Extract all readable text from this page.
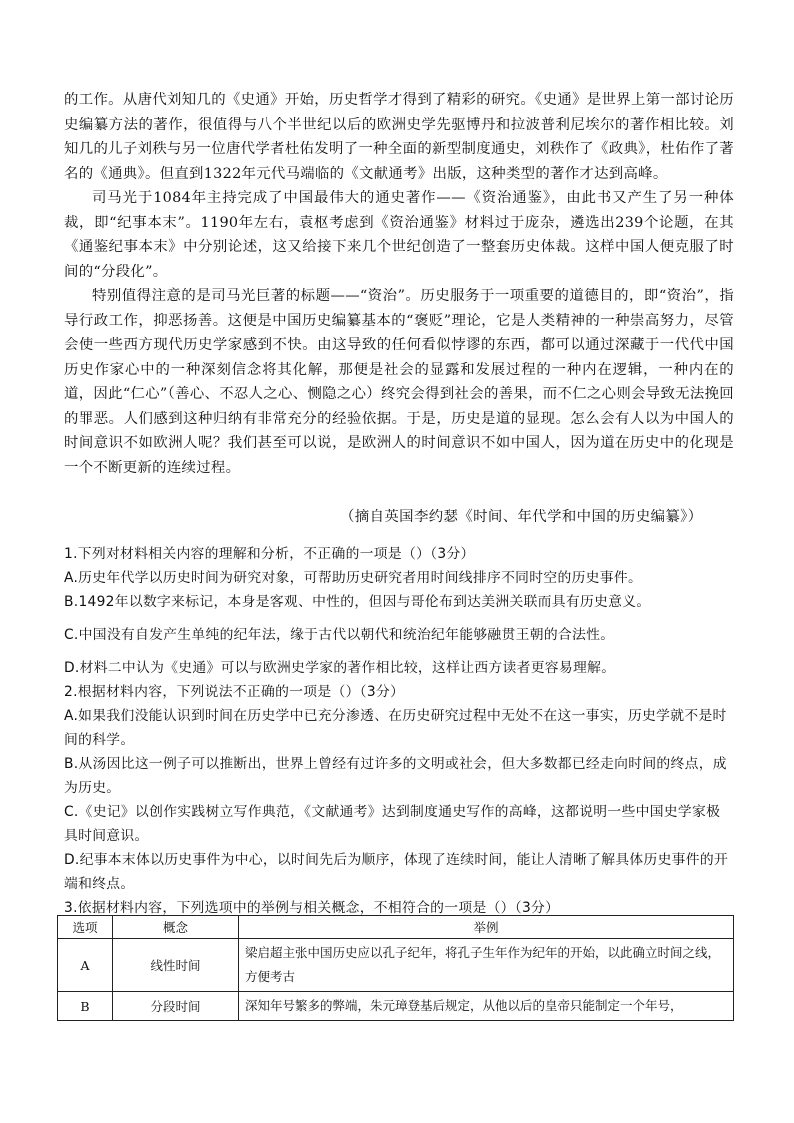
的工作。从唐代刘知几的《史通》开始，历史哲学才得到了精彩的研究。《史通》是世界上第一部讨论历史编纂方法的著作，很值得与八个半世纪以后的欧洲史学先驱博丹和拉波普利尼埃尔的著作相比较。刘知几的儿子刘秩与另一位唐代学者杜佑发明了一种全面的新型制度通史，刘秩作了《政典》，杜佑作了著名的《通典》。但直到1322年元代马端临的《文献通考》出版，这种类型的著作才达到高峰。

司马光于1084年主持完成了中国最伟大的通史著作——《资治通鉴》，由此书又产生了另一种体裁，即“纪事本末”。1190年左右，袁枢考虑到《资治通鉴》材料过于庞杂，遴选出239个论题，在其《通鉴纪事本末》中分别论述，这又给接下来几个世纪创造了一整套历史体裁。这样中国人便克服了时间的“分段化”。

特别值得注意的是司马光巨著的标题——“资治”。历史服务于一项重要的道德目的，即“资治”，指导行政工作，抑恶扬善。这便是中国历史编纂基本的“褒贬”理论，它是人类精神的一种崇高努力，尽管会使一些西方现代历史学家感到不快。由这导致的任何看似悖谬的东西，都可以通过深藏于一代代中国历史作家心中的一种深刻信念将其化解，那便是社会的显露和发展过程的一种内在逻辑，一种内在的道，因此“仁心”（善心、不忍人之心、恻隐之心）终究会得到社会的善果，而不仁之心则会导致无法挽回的罪恶。人们感到这种归纳有非常充分的经验依据。于是，历史是道的显现。怎么会有人以为中国人的时间意识不如欧洲人呢？我们甚至可以说，是欧洲人的时间意识不如中国人，因为道在历史中的化现是一个不断更新的连续过程。

（摘自英国李约瑟《时间、年代学和中国的历史编纂》）

1.下列对材料相关内容的理解和分析，不正确的一项是（）（3分）

A.历史年代学以历史时间为研究对象，可帮助历史研究者用时间线排序不同时空的历史事件。

B.1492年以数字来标记，本身是客观、中性的，但因与哥伦布到达美洲关联而具有历史意义。

C.中国没有自发产生单纯的纪年法，缘于古代以朝代和统治纪年能够融贯王朝的合法性。

D.材料二中认为《史通》可以与欧洲史学家的著作相比较，这样让西方读者更容易理解。

2.根据材料内容，下列说法不正确的一项是（）（3分）

A.如果我们没能认识到时间在历史学中已充分渗透、在历史研究过程中无处不在这一事实，历史学就不是时间的科学。

B.从汤因比这一例子可以推断出，世界上曾经有过许多的文明或社会，但大多数都已经走向时间的终点，成为历史。

C.《史记》以创作实践树立写作典范，《文献通考》达到制度通史写作的高峰，这都说明一些中国史学家极具时间意识。

D.纪事本末体以历史事件为中心，以时间先后为顺序，体现了连续时间，能让人清晰了解具体历史事件的开端和终点。

3.依据材料内容，下列选项中的举例与相关概念，不相符合的一项是（）（3分）

选项	概念	举例
A	线性时间	梁启超主张中国历史应以孔子纪年，将孔子生年作为纪年的开始，以此确立时间之线，方便考古
B	分段时间	深知年号繁多的弊端，朱元璋登基后规定，从他以后的皇帝只能制定一个年号，
